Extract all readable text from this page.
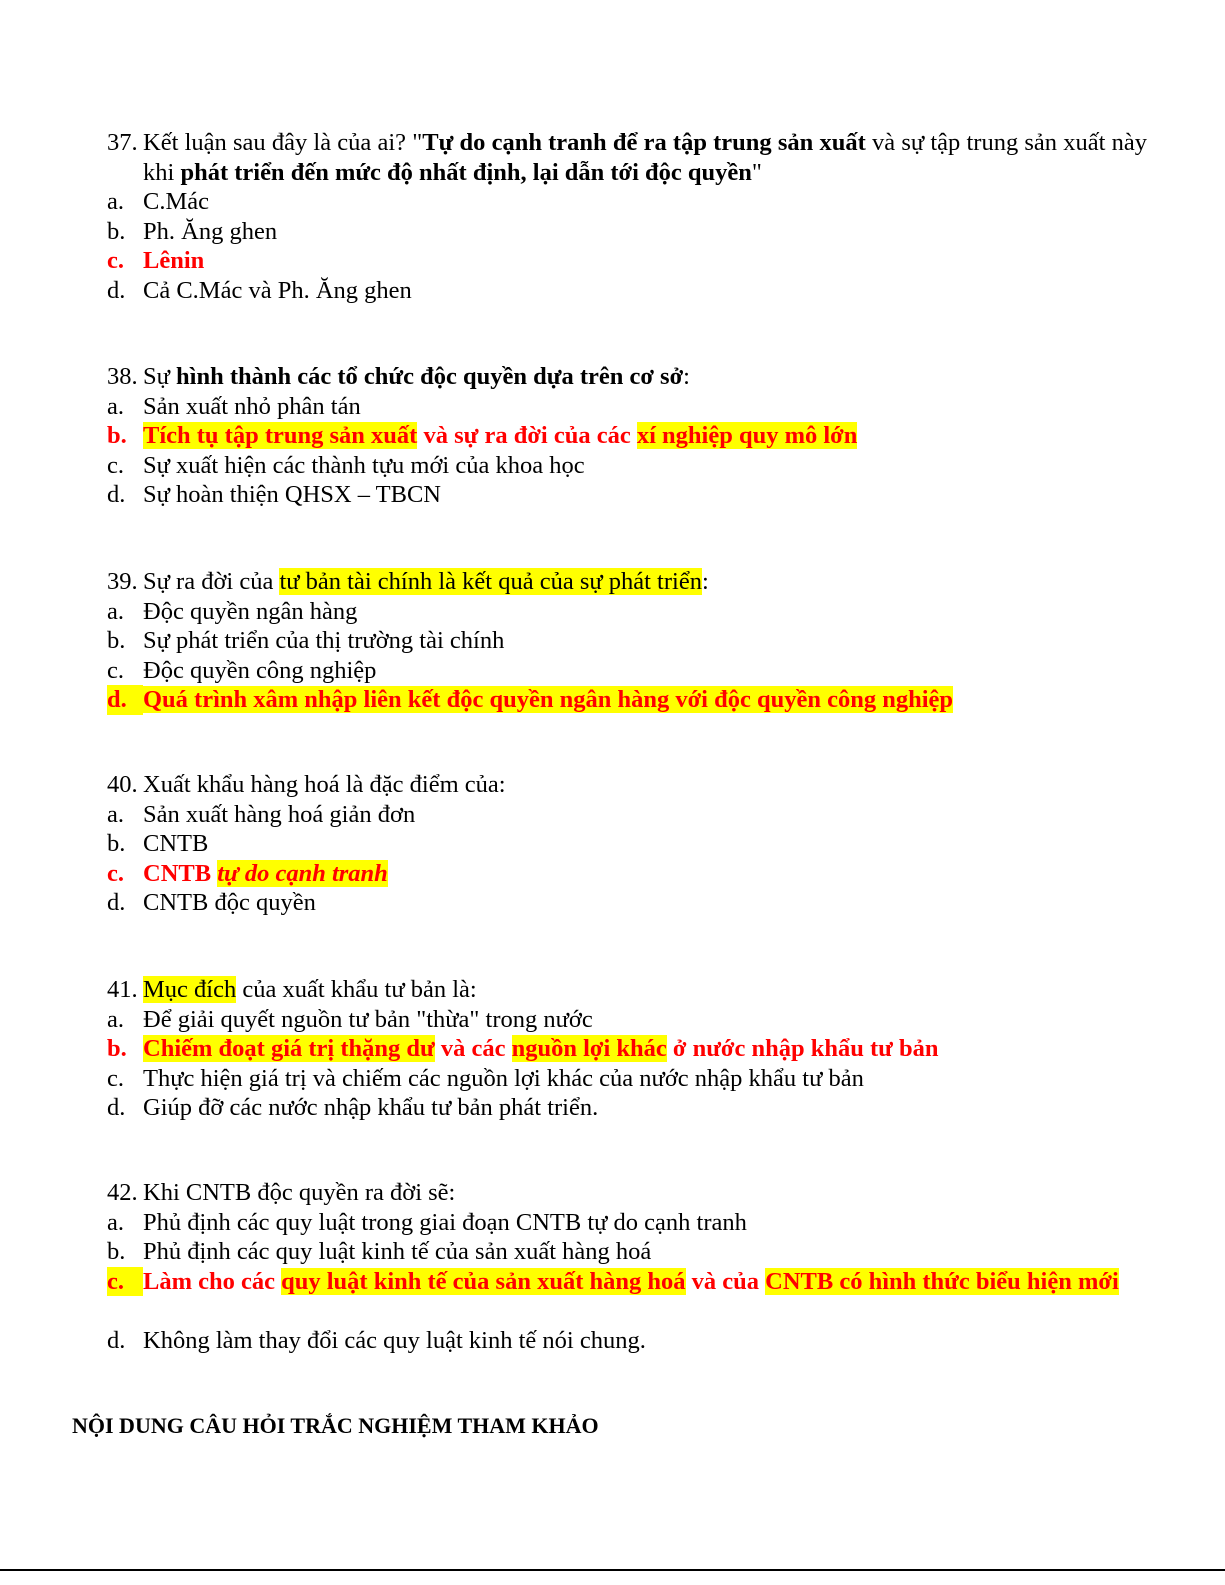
37. Kết luận sau đây là của ai? "Tự do cạnh tranh để ra tập trung sản xuất và sự tập trung sản xuất này khi phát triển đến mức độ nhất định, lại dẫn tới độc quyền"
a. C.Mác
b. Ph. Ăng ghen
c. Lênin
d. Cả C.Mác và Ph. Ăng ghen
38. Sự hình thành các tổ chức độc quyền dựa trên cơ sở:
a. Sản xuất nhỏ phân tán
b. Tích tụ tập trung sản xuất và sự ra đời của các xí nghiệp quy mô lớn
c. Sự xuất hiện các thành tựu mới của khoa học
d. Sự hoàn thiện QHSX – TBCN
39. Sự ra đời của tư bản tài chính là kết quả của sự phát triển:
a. Độc quyền ngân hàng
b. Sự phát triển của thị trường tài chính
c. Độc quyền công nghiệp
d. Quá trình xâm nhập liên kết độc quyền ngân hàng với độc quyền công nghiệp
40. Xuất khẩu hàng hoá là đặc điểm của:
a. Sản xuất hàng hoá giản đơn
b. CNTB
c. CNTB tự do cạnh tranh
d. CNTB độc quyền
41. Mục đích của xuất khẩu tư bản là:
a. Để giải quyết nguồn tư bản "thừa" trong nước
b. Chiếm đoạt giá trị thặng dư và các nguồn lợi khác ở nước nhập khẩu tư bản
c. Thực hiện giá trị và chiếm các nguồn lợi khác của nước nhập khẩu tư bản
d. Giúp đỡ các nước nhập khẩu tư bản phát triển.
42. Khi CNTB độc quyền ra đời sẽ:
a. Phủ định các quy luật trong giai đoạn CNTB tự do cạnh tranh
b. Phủ định các quy luật kinh tế của sản xuất hàng hoá
c. Làm cho các quy luật kinh tế của sản xuất hàng hoá và của CNTB có hình thức biểu hiện mới
d. Không làm thay đổi các quy luật kinh tế nói chung.
NỘI DUNG CÂU HỎI TRẮC NGHIỆM THAM KHẢO
